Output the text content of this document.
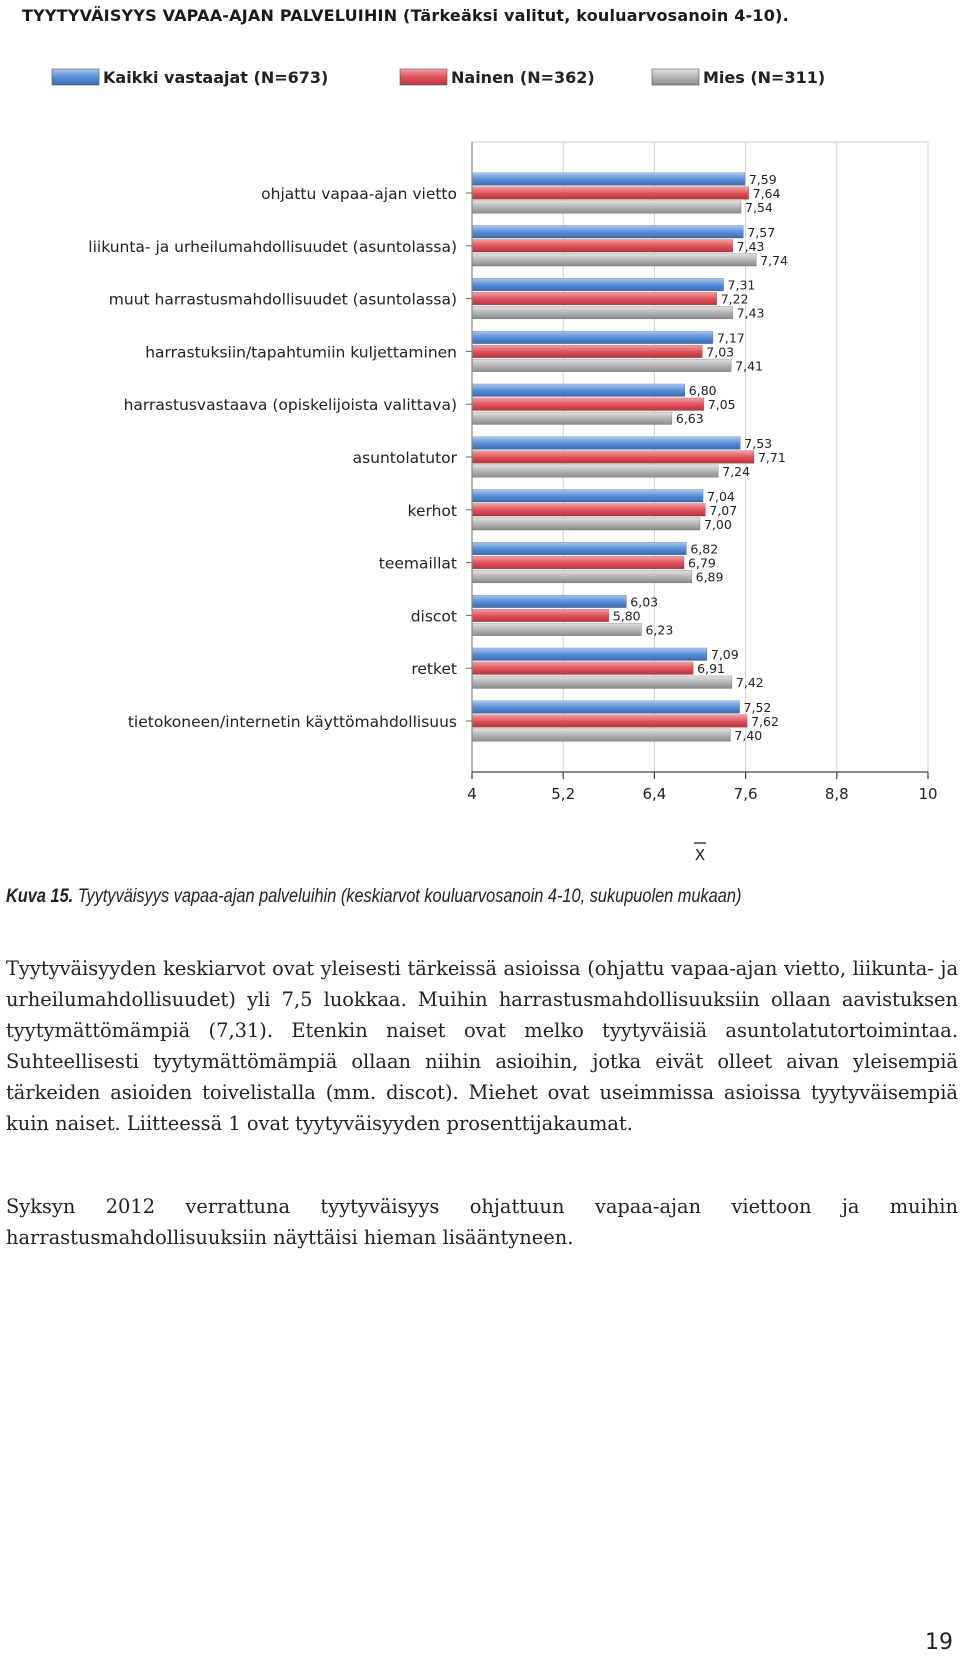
TYYTYVÄISYYS VAPAA-AJAN PALVELUIHIN (Tärkeäksi valitut, kouluarvosanoin 4-10).
Kaikki vastaajat (N=673)	Nainen (N=362)	Mies (N=311)
ohjattu vapaa-ajan vietto
7,59
7,64
7,54
liikunta- ja urheilumahdollisuudet (asuntolassa)
7,57
7,43
7,74
muut harrastusmahdollisuudet (asuntolassa)
7,31
7,22
7,43
harrastuksiin/tapahtumiin kuljettaminen
7,17
7,03
7,41
harrastusvastaava (opiskelijoista valittava)
6,80
7,05
6,63
asuntolatutor
7,53
7,71
7,24
kerhot
7,04
7,07
7,00
teemaillat
6,82
6,79
6,89
discot
6,03
5,80
6,23
retket
7,09
6,91
7,42
tietokoneen/internetin käyttömahdollisuus
7,52
7,62
7,40
4	5,2	6,4	7,6	8,8	10
X
Kuva 15. Tyytyväisyys vapaa-ajan palveluihin (keskiarvot kouluarvosanoin 4-10, sukupuolen mukaan)

Tyytyväisyyden keskiarvot ovat yleisesti tärkeissä asioissa (ohjattu vapaa-ajan vietto, liikunta- ja urheilumahdollisuudet) yli 7,5 luokkaa. Muihin harrastusmahdollisuuksiin ollaan aavistuksen tyytymättömämpiä (7,31). Etenkin naiset ovat melko tyytyväisiä asuntolatutortoimintaa. Suhteellisesti tyytymättömämpiä ollaan niihin asioihin, jotka eivät olleet aivan yleisempiä tärkeiden asioiden toivelistalla (mm. discot). Miehet ovat useimmissa asioissa tyytyväisempiä kuin naiset. Liitteessä 1 ovat tyytyväisyyden prosenttijakaumat.

Syksyn 2012 verrattuna tyytyväisyys ohjattuun vapaa-ajan viettoon ja muihin harrastusmahdollisuuksiin näyttäisi hieman lisääntyneen.

19
